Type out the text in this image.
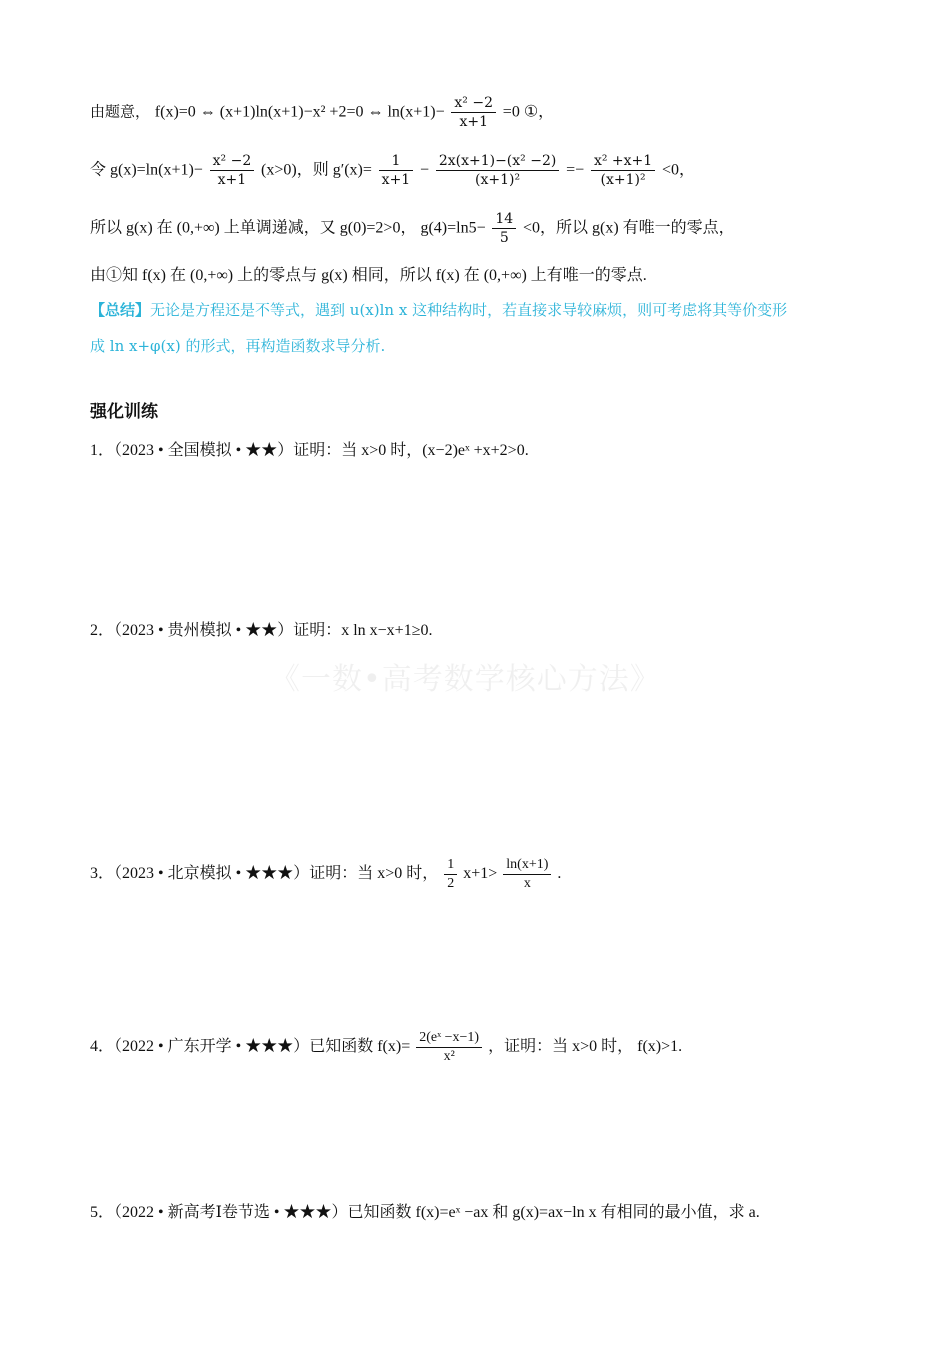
由题意， f(x)=0 ⇔ (x+1)ln(x+1)−x² +2=0 ⇔ $\ln(x+1)- \frac{\text{x² −2}}{x+1} =0$ ①，
令 $g(x)=\ln(x+1)- \frac{\text{x² −2}}{x+1} (x>0)$，则 $g'(x)= \frac{1}{x+1} - \frac{\text{2x(x+1)−(x² −2)}}{\text{(x+1)²}} =- \frac{\text{x² +x+1}}{\text{(x+1)²}} <0$，
所以 g(x) 在 (0,+∞) 上单调递减，又 g(0)=2>0， $g(4)=\ln 5- \frac{14}{5} <0$，所以 g(x) 有唯一的零点，
由①知 f(x) 在 (0,+∞) 上的零点与 g(x) 相同，所以 f(x) 在 (0,+∞) 上有唯一的零点.
【总结】无论是方程还是不等式，遇到 u(x)ln x 这种结构时，若直接求导较麻烦，则可考虑将其等价变形
成 ln x+φ(x) 的形式，再构造函数求导分析.
强化训练
1．（2023 • 全国模拟 • ★★）证明：当 x>0 时，(x−2)eˣ +x+2>0.
2．（2023 • 贵州模拟 • ★★）证明：x ln x−x+1≥0.
《一数•高考数学核心方法》
3．（2023 • 北京模拟 • ★★★）证明：当 x>0 时， $\frac{1}{2} x+1> \frac{\ln(x+1)}{x}$ .
4．（2022 • 广东开学 • ★★★）已知函数 $f(x)= \frac{\text{2(eˣ −x−1)}}{\text{x²}}$ ，证明：当 x>0 时， f(x)>1.
5．（2022 • 新高考Ⅰ卷节选 • ★★★）已知函数 f(x)=eˣ −ax 和 g(x)=ax−ln x 有相同的最小值，求 a.
